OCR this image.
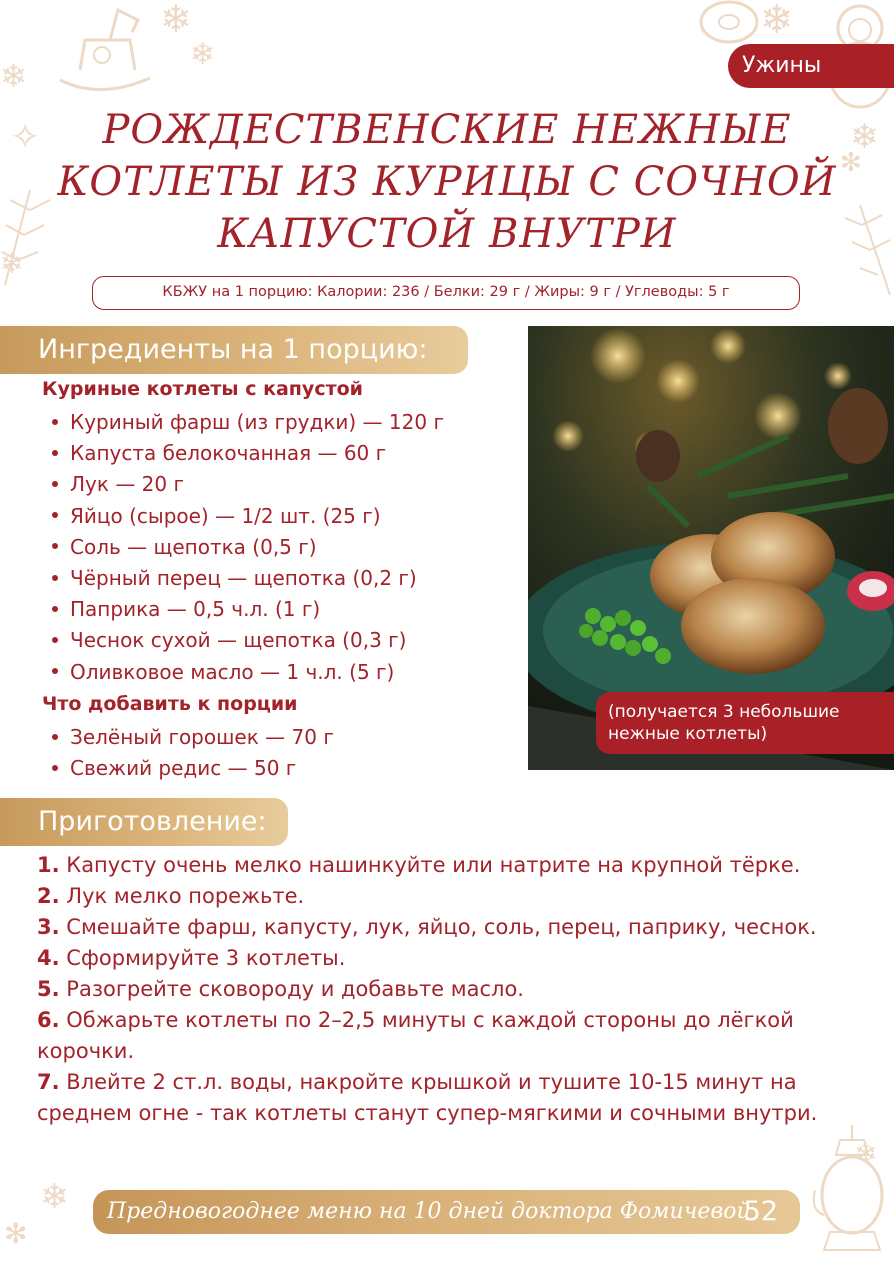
❄
❄
❄
❄
❄
✻
❄
❄
✻
❄
✧
Ужины
РОЖДЕСТВЕНСКИЕ НЕЖНЫЕ КОТЛЕТЫ ИЗ КУРИЦЫ С СОЧНОЙ КАПУСТОЙ ВНУТРИ
КБЖУ на 1 порцию: Калории: 236 / Белки: 29 г / Жиры: 9 г / Углеводы: 5 г
Ингредиенты на 1 порцию:
Куриные котлеты с капустой
Куриный фарш (из грудки) — 120 г
Капуста белокочанная — 60 г
Лук — 20 г
Яйцо (сырое) — 1/2 шт. (25 г)
Соль — щепотка (0,5 г)
Чёрный перец — щепотка (0,2 г)
Паприка — 0,5 ч.л. (1 г)
Чеснок сухой — щепотка (0,3 г)
Оливковое масло — 1 ч.л. (5 г)
Что добавить к порции
Зелёный горошек — 70 г
Свежий редис — 50 г
(получается 3 небольшие нежные котлеты)
Приготовление:
1. Капусту очень мелко нашинкуйте или натрите на крупной тёрке.
2. Лук мелко порежьте.
3. Смешайте фарш, капусту, лук, яйцо, соль, перец, паприку, чеснок.
4. Сформируйте 3 котлеты.
5. Разогрейте сковороду и добавьте масло.
6. Обжарьте котлеты по 2–2,5 минуты с каждой стороны до лёгкой корочки.
7. Влейте 2 ст.л. воды, накройте крышкой и тушите 10-15 минут на среднем огне - так котлеты станут супер-мягкими и сочными внутри.
Предновогоднее меню на 10 дней доктора Фомичевой
52
